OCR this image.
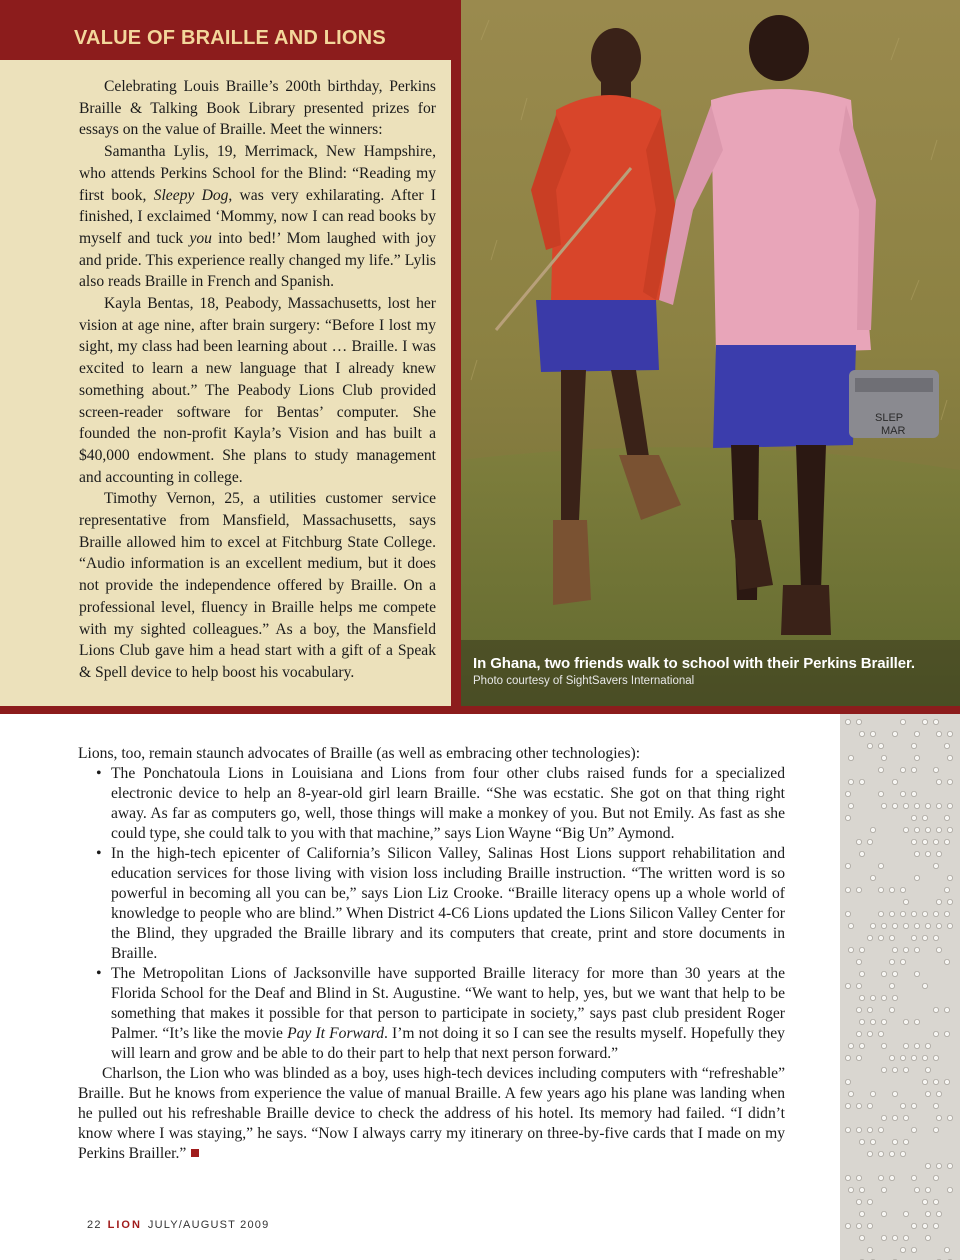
VALUE OF BRAILLE AND LIONS

Celebrating Louis Braille’s 200th birthday, Perkins Braille & Talking Book Library presented prizes for essays on the value of Braille. Meet the winners:

Samantha Lylis, 19, Merrimack, New Hampshire, who attends Perkins School for the Blind: “Reading my first book, Sleepy Dog, was very exhilarating. After I finished, I exclaimed ‘Mommy, now I can read books by myself and tuck you into bed!’ Mom laughed with joy and pride. This experience really changed my life.” Lylis also reads Braille in French and Spanish.

Kayla Bentas, 18, Peabody, Massachusetts, lost her vision at age nine, after brain surgery: “Before I lost my sight, my class had been learning about … Braille. I was excited to learn a new language that I already knew something about.” The Peabody Lions Club provided screen-reader software for Bentas’ computer. She founded the non-profit Kayla’s Vision and has built a $40,000 endowment. She plans to study management and accounting in college.

Timothy Vernon, 25, a utilities customer service representative from Mansfield, Massachusetts, says Braille allowed him to excel at Fitchburg State College. “Audio information is an excellent medium, but it does not provide the independence offered by Braille. On a professional level, fluency in Braille helps me compete with my sighted colleagues.” As a boy, the Mansfield Lions Club gave him a head start with a gift of a Speak & Spell device to help boost his vocabulary.

SLEP
MAR
In Ghana, two friends walk to school with their Perkins Brailler.
Photo courtesy of SightSavers International

Lions, too, remain staunch advocates of Braille (as well as embracing other technologies):

• The Ponchatoula Lions in Louisiana and Lions from four other clubs raised funds for a specialized electronic device to help an 8-year-old girl learn Braille. “She was ecstatic. She got on that thing right away. As far as computers go, well, those things will make a monkey of you. But not Emily. As fast as she could type, she could talk to you with that machine,” says Lion Wayne “Big Un” Aymond.
• In the high-tech epicenter of California’s Silicon Valley, Salinas Host Lions support rehabilitation and education services for those living with vision loss including Braille instruction. “The written word is so powerful in becoming all you can be,” says Lion Liz Crooke. “Braille literacy opens up a whole world of knowledge to people who are blind.” When District 4-C6 Lions updated the Lions Silicon Valley Center for the Blind, they upgraded the Braille library and its computers that create, print and store documents in Braille.
• The Metropolitan Lions of Jacksonville have supported Braille literacy for more than 30 years at the Florida School for the Deaf and Blind in St. Augustine. “We want to help, yes, but we want that help to be something that makes it possible for that person to participate in society,” says past club president Roger Palmer. “It’s like the movie Pay It Forward. I’m not doing it so I can see the results myself. Hopefully they will learn and grow and be able to do their part to help that next person forward.”

Charlson, the Lion who was blinded as a boy, uses high-tech devices including computers with “refreshable” Braille. But he knows from experience the value of manual Braille. A few years ago his plane was landing when he pulled out his refreshable Braille device to check the address of his hotel. Its memory had failed. “I didn’t know where I was staying,” he says. “Now I always carry my itinerary on three-by-five cards that I made on my Perkins Brailler.”

22 LION JULY/AUGUST 2009
